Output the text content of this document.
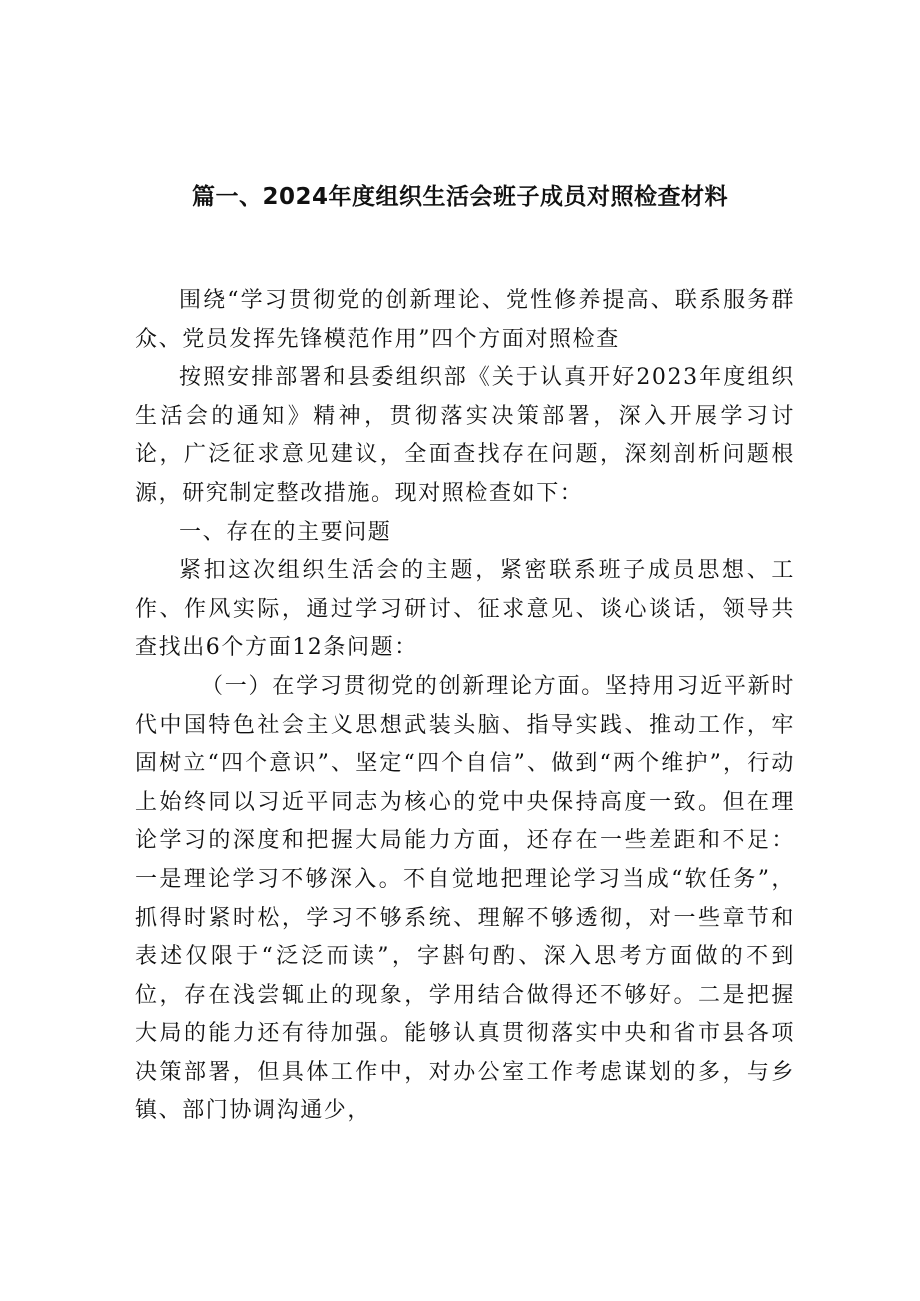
篇一、2024年度组织生活会班子成员对照检查材料

围绕“学习贯彻党的创新理论、党性修养提高、联系服务群众、党员发挥先锋模范作用”四个方面对照检查

按照安排部署和县委组织部《关于认真开好2023年度组织生活会的通知》精神，贯彻落实决策部署，深入开展学习讨论，广泛征求意见建议，全面查找存在问题，深刻剖析问题根源，研究制定整改措施。现对照检查如下：

一、存在的主要问题

紧扣这次组织生活会的主题，紧密联系班子成员思想、工作、作风实际，通过学习研讨、征求意见、谈心谈话，领导共查找出6个方面12条问题：

（一）在学习贯彻党的创新理论方面。坚持用习近平新时代中国特色社会主义思想武装头脑、指导实践、推动工作，牢固树立“四个意识”、坚定“四个自信”、做到“两个维护”，行动上始终同以习近平同志为核心的党中央保持高度一致。但在理论学习的深度和把握大局能力方面，还存在一些差距和不足：一是理论学习不够深入。不自觉地把理论学习当成“软任务”，抓得时紧时松，学习不够系统、理解不够透彻，对一些章节和表述仅限于“泛泛而读”，字斟句酌、深入思考方面做的不到位，存在浅尝辄止的现象，学用结合做得还不够好。二是把握大局的能力还有待加强。能够认真贯彻落实中央和省市县各项决策部署，但具体工作中，对办公室工作考虑谋划的多，与乡镇、部门协调沟通少，
